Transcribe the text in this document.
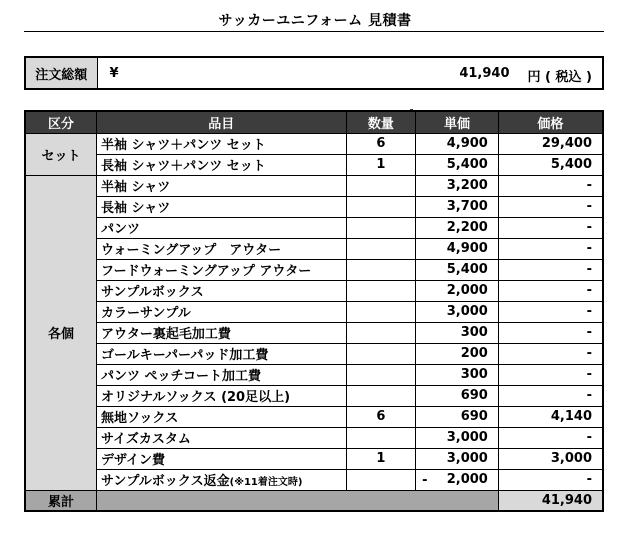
サッカーユニフォーム 見積書
注文総額	¥	41,940 円 ( 税込 )
区分	品目	数量	単価	価格
セット	半袖 シャツ＋パンツ セット	6	4,900	29,400
	長袖 シャツ＋パンツ セット	1	5,400	5,400
各個	半袖 シャツ		3,200	-
	長袖 シャツ		3,700	-
	パンツ		2,200	-
	ウォーミングアップ　アウター		4,900	-
	フードウォーミングアップ アウター		5,400	-
	サンプルボックス		2,000	-
	カラーサンプル		3,000	-
	アウター裏起毛加工費		300	-
	ゴールキーパーパッド加工費		200	-
	パンツ ペッチコート加工費		300	-
	オリジナルソックス (20足以上)		690	-
	無地ソックス	6	690	4,140
	サイズカスタム		3,000	-
	デザイン費	1	3,000	3,000
	サンプルボックス返金(※11着注文時)		- 2,000	-
累計				41,940
